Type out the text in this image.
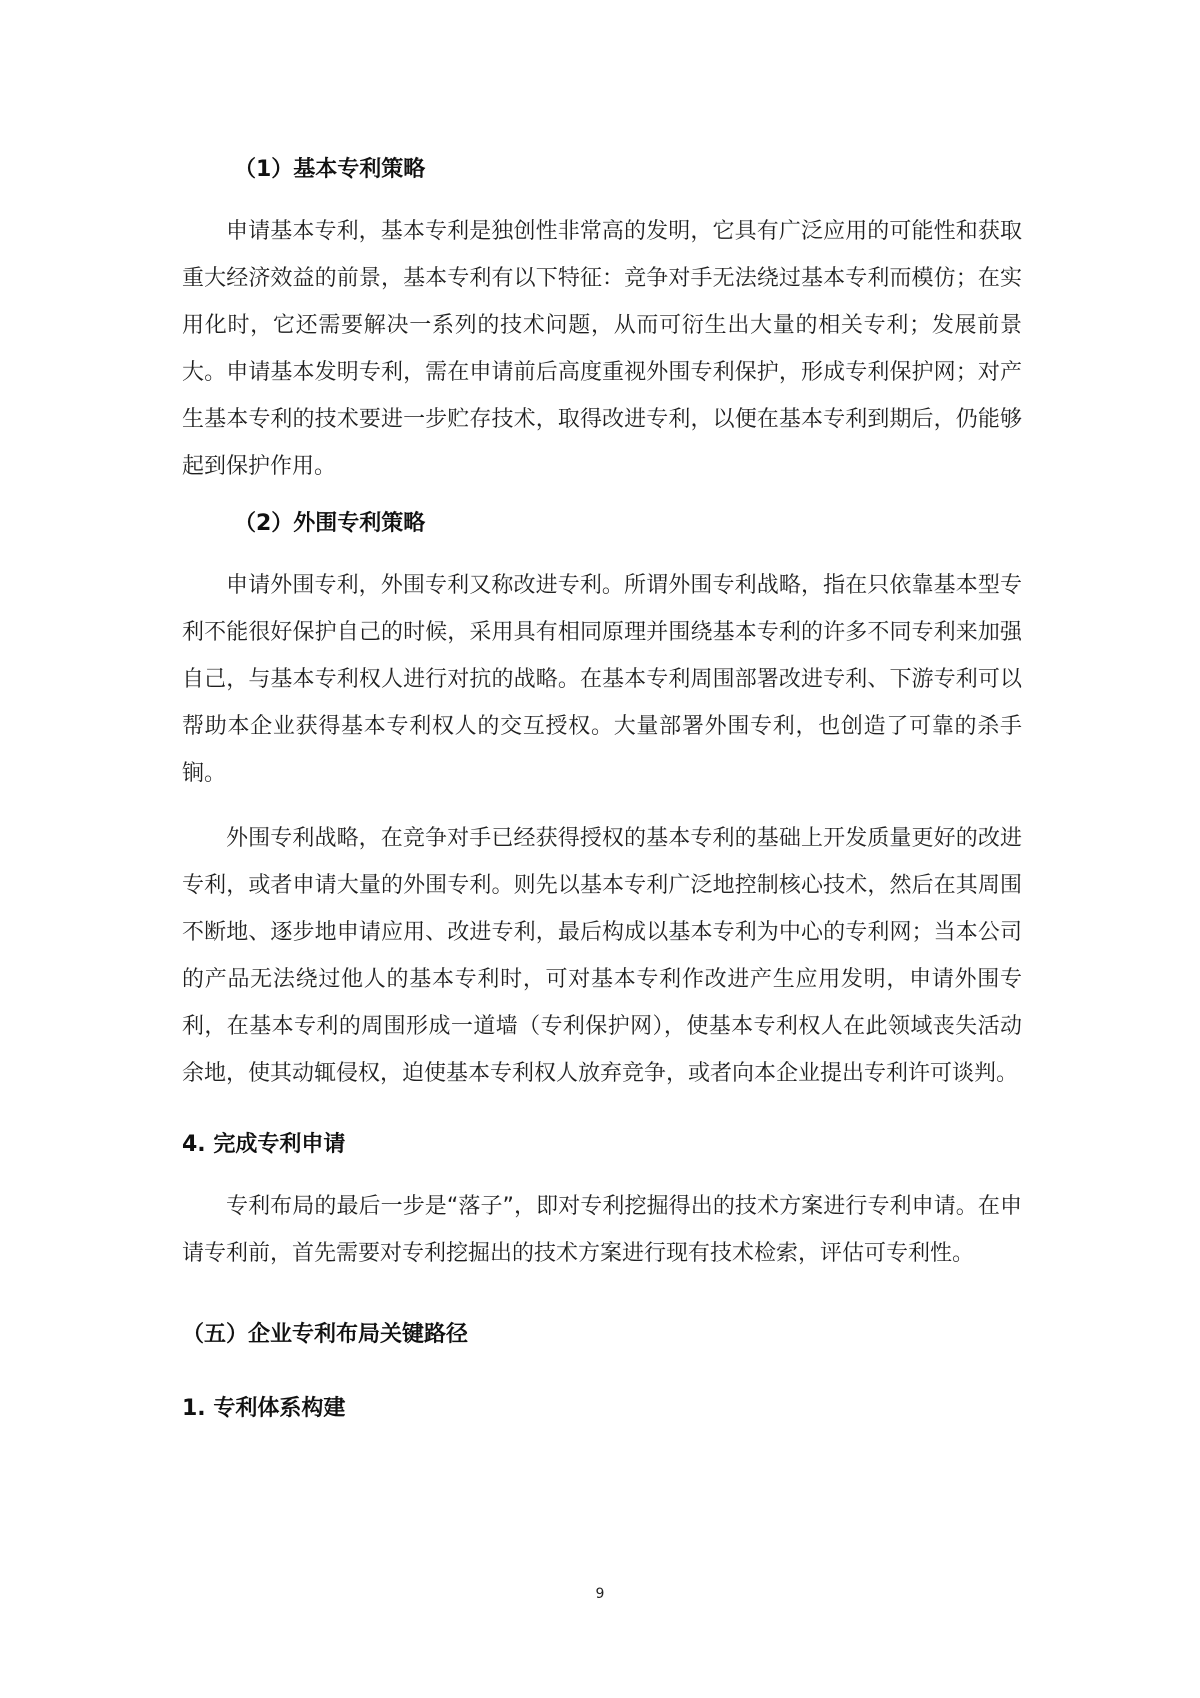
（1）基本专利策略

申请基本专利，基本专利是独创性非常高的发明，它具有广泛应用的可能性和获取重大经济效益的前景，基本专利有以下特征：竞争对手无法绕过基本专利而模仿；在实用化时，它还需要解决一系列的技术问题，从而可衍生出大量的相关专利；发展前景大。申请基本发明专利，需在申请前后高度重视外围专利保护，形成专利保护网；对产生基本专利的技术要进一步贮存技术，取得改进专利，以便在基本专利到期后，仍能够起到保护作用。

（2）外围专利策略

申请外围专利，外围专利又称改进专利。所谓外围专利战略，指在只依靠基本型专利不能很好保护自己的时候，采用具有相同原理并围绕基本专利的许多不同专利来加强自己，与基本专利权人进行对抗的战略。在基本专利周围部署改进专利、下游专利可以帮助本企业获得基本专利权人的交互授权。大量部署外围专利，也创造了可靠的杀手锏。

外围专利战略，在竞争对手已经获得授权的基本专利的基础上开发质量更好的改进专利，或者申请大量的外围专利。则先以基本专利广泛地控制核心技术，然后在其周围不断地、逐步地申请应用、改进专利，最后构成以基本专利为中心的专利网；当本公司的产品无法绕过他人的基本专利时，可对基本专利作改进产生应用发明，申请外围专利，在基本专利的周围形成一道墙（专利保护网），使基本专利权人在此领域丧失活动余地，使其动辄侵权，迫使基本专利权人放弃竞争，或者向本企业提出专利许可谈判。

4. 完成专利申请

专利布局的最后一步是“落子”，即对专利挖掘得出的技术方案进行专利申请。在申请专利前，首先需要对专利挖掘出的技术方案进行现有技术检索，评估可专利性。

（五）企业专利布局关键路径
1. 专利体系构建
9
